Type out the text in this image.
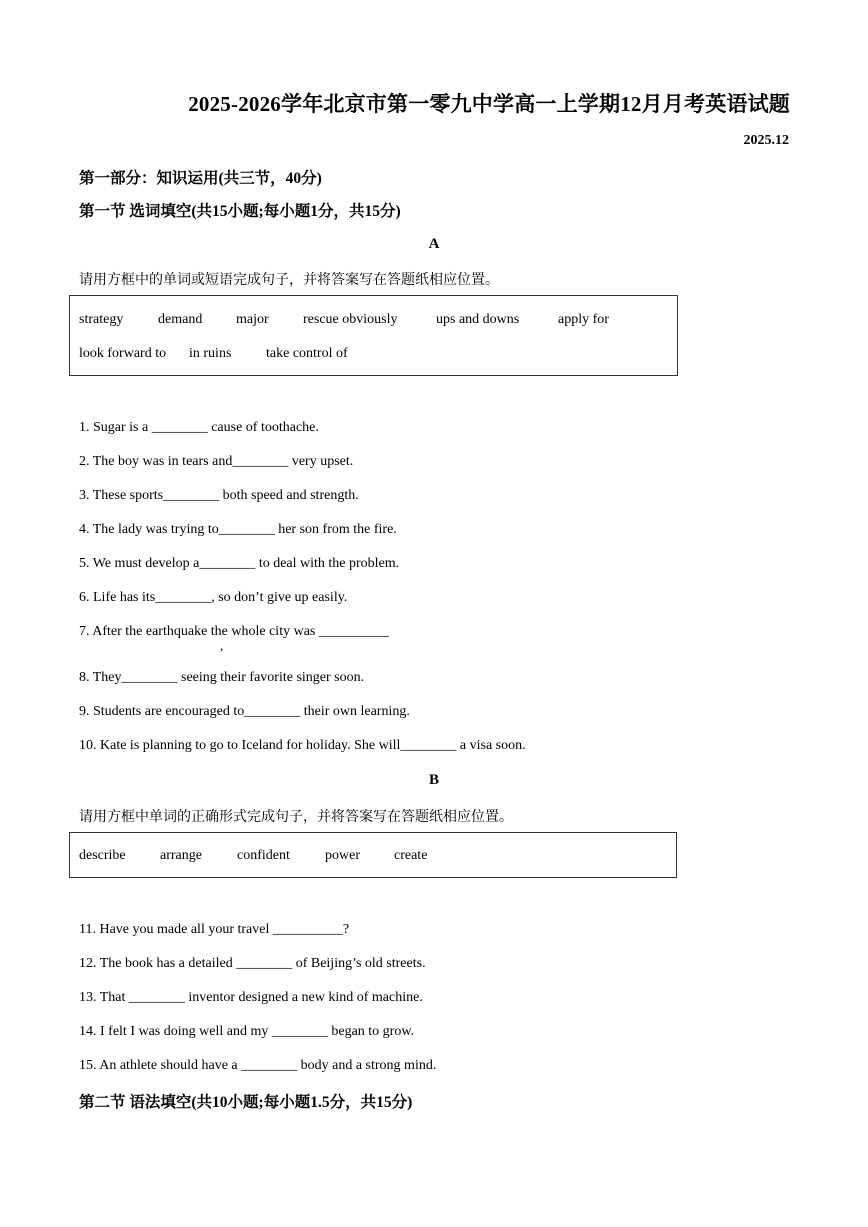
2025-2026学年北京市第一零九中学高一上学期12月月考英语试题
2025.12
第一部分：知识运用(共三节，40分)
第一节 选词填空(共15小题;每小题1分，共15分)
A
请用方框中的单词或短语完成句子，并将答案写在答题纸相应位置。
strategy demand major rescue obviously	ups and downs	apply for
look forward to in ruins take control of
1. Sugar is a ________ cause of toothache.
2. The boy was in tears and________ very upset.
3. These sports________ both speed and strength.
4. The lady was trying to________ her son from the fire.
5. We must develop a________ to deal with the problem.
6. Life has its________, so don’t give up easily.
7. After the earthquake the whole city was __________
,
8. They________ seeing their favorite singer soon.
9. Students are encouraged to________ their own learning.
10. Kate is planning to go to Iceland for holiday. She will________ a visa soon.
B
请用方框中单词的正确形式完成句子，并将答案写在答题纸相应位置。
describe arrange	confident	power create
11. Have you made all your travel __________?
12. The book has a detailed ________ of Beijing’s old streets.
13. That ________ inventor designed a new kind of machine.
14. I felt I was doing well and my ________ began to grow.
15. An athlete should have a ________ body and a strong mind.
第二节 语法填空(共10小题;每小题1.5分，共15分)
